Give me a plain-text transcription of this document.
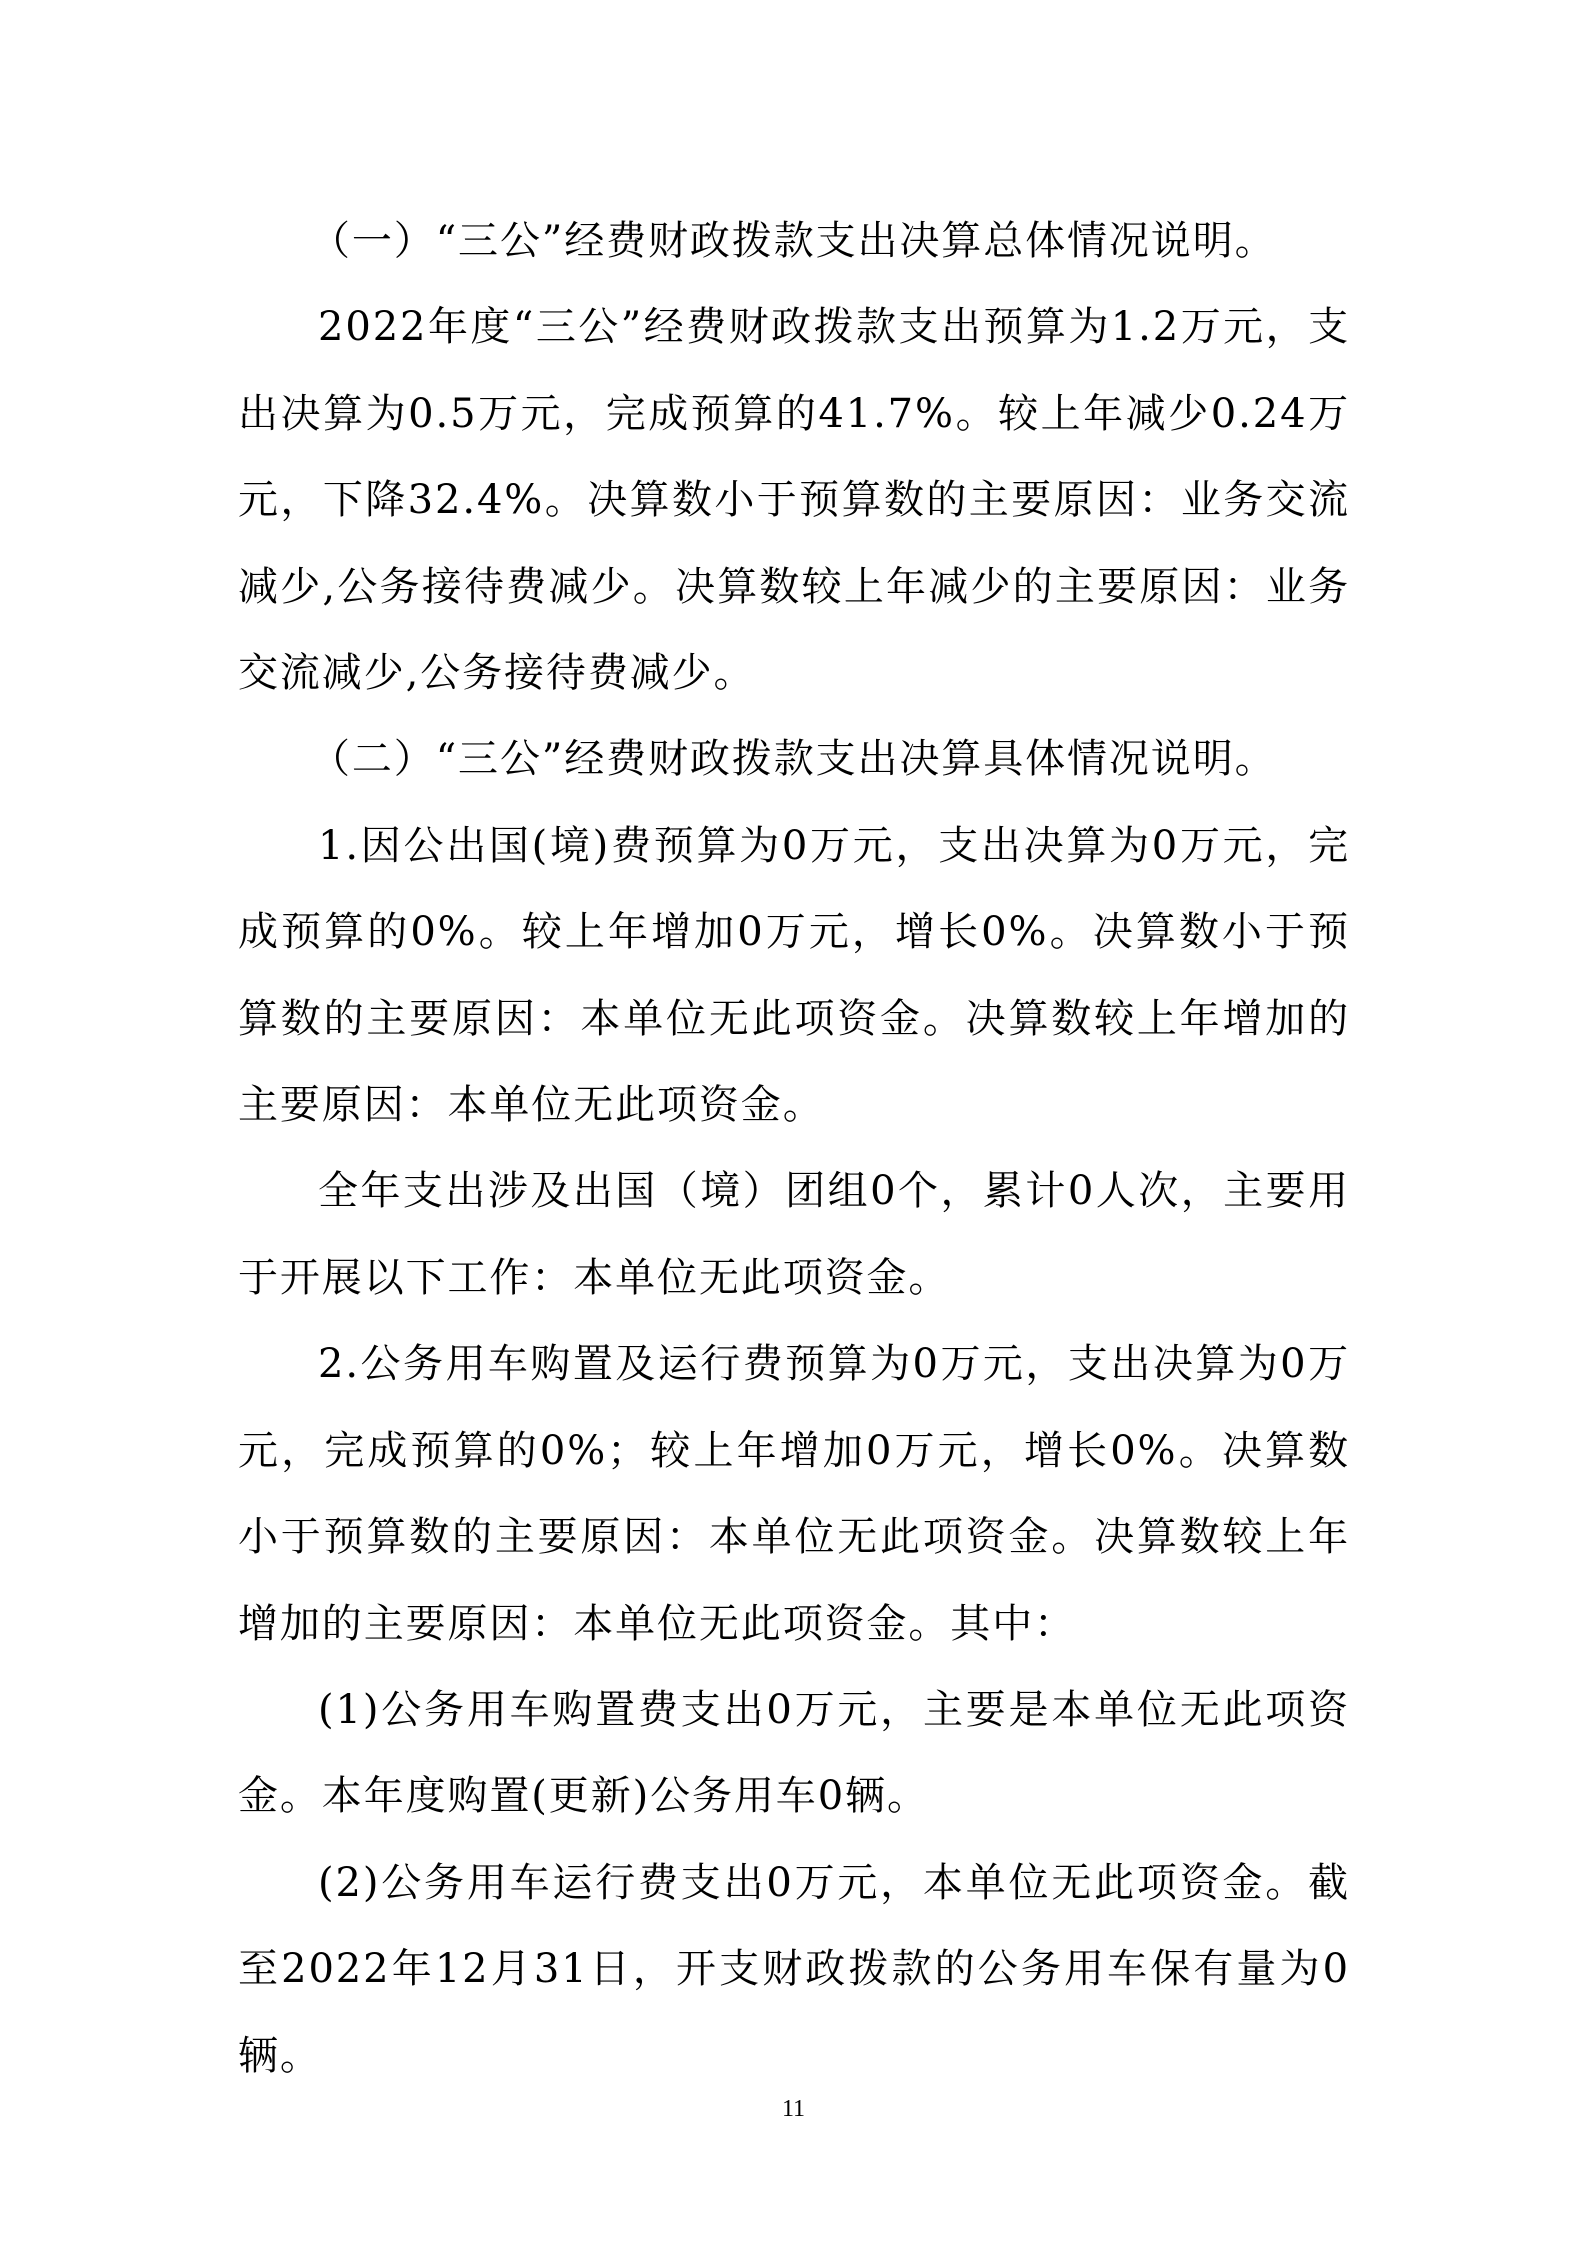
（一）“三公”经费财政拨款支出决算总体情况说明。

2022年度“三公”经费财政拨款支出预算为1.2万元，支出决算为0.5万元，完成预算的41.7%。较上年减少0.24万元，下降32.4%。决算数小于预算数的主要原因：业务交流减少,公务接待费减少。决算数较上年减少的主要原因：业务交流减少,公务接待费减少。

（二）“三公”经费财政拨款支出决算具体情况说明。

1.因公出国(境)费预算为0万元，支出决算为0万元，完成预算的0%。较上年增加0万元，增长0%。决算数小于预算数的主要原因：本单位无此项资金。决算数较上年增加的主要原因：本单位无此项资金。

全年支出涉及出国（境）团组0个，累计0人次，主要用于开展以下工作：本单位无此项资金。

2.公务用车购置及运行费预算为0万元，支出决算为0万元，完成预算的0%；较上年增加0万元，增长0%。决算数小于预算数的主要原因：本单位无此项资金。决算数较上年增加的主要原因：本单位无此项资金。其中：

(1)公务用车购置费支出0万元，主要是本单位无此项资金。本年度购置(更新)公务用车0辆。

(2)公务用车运行费支出0万元，本单位无此项资金。截至2022年12月31日，开支财政拨款的公务用车保有量为0辆。

11
